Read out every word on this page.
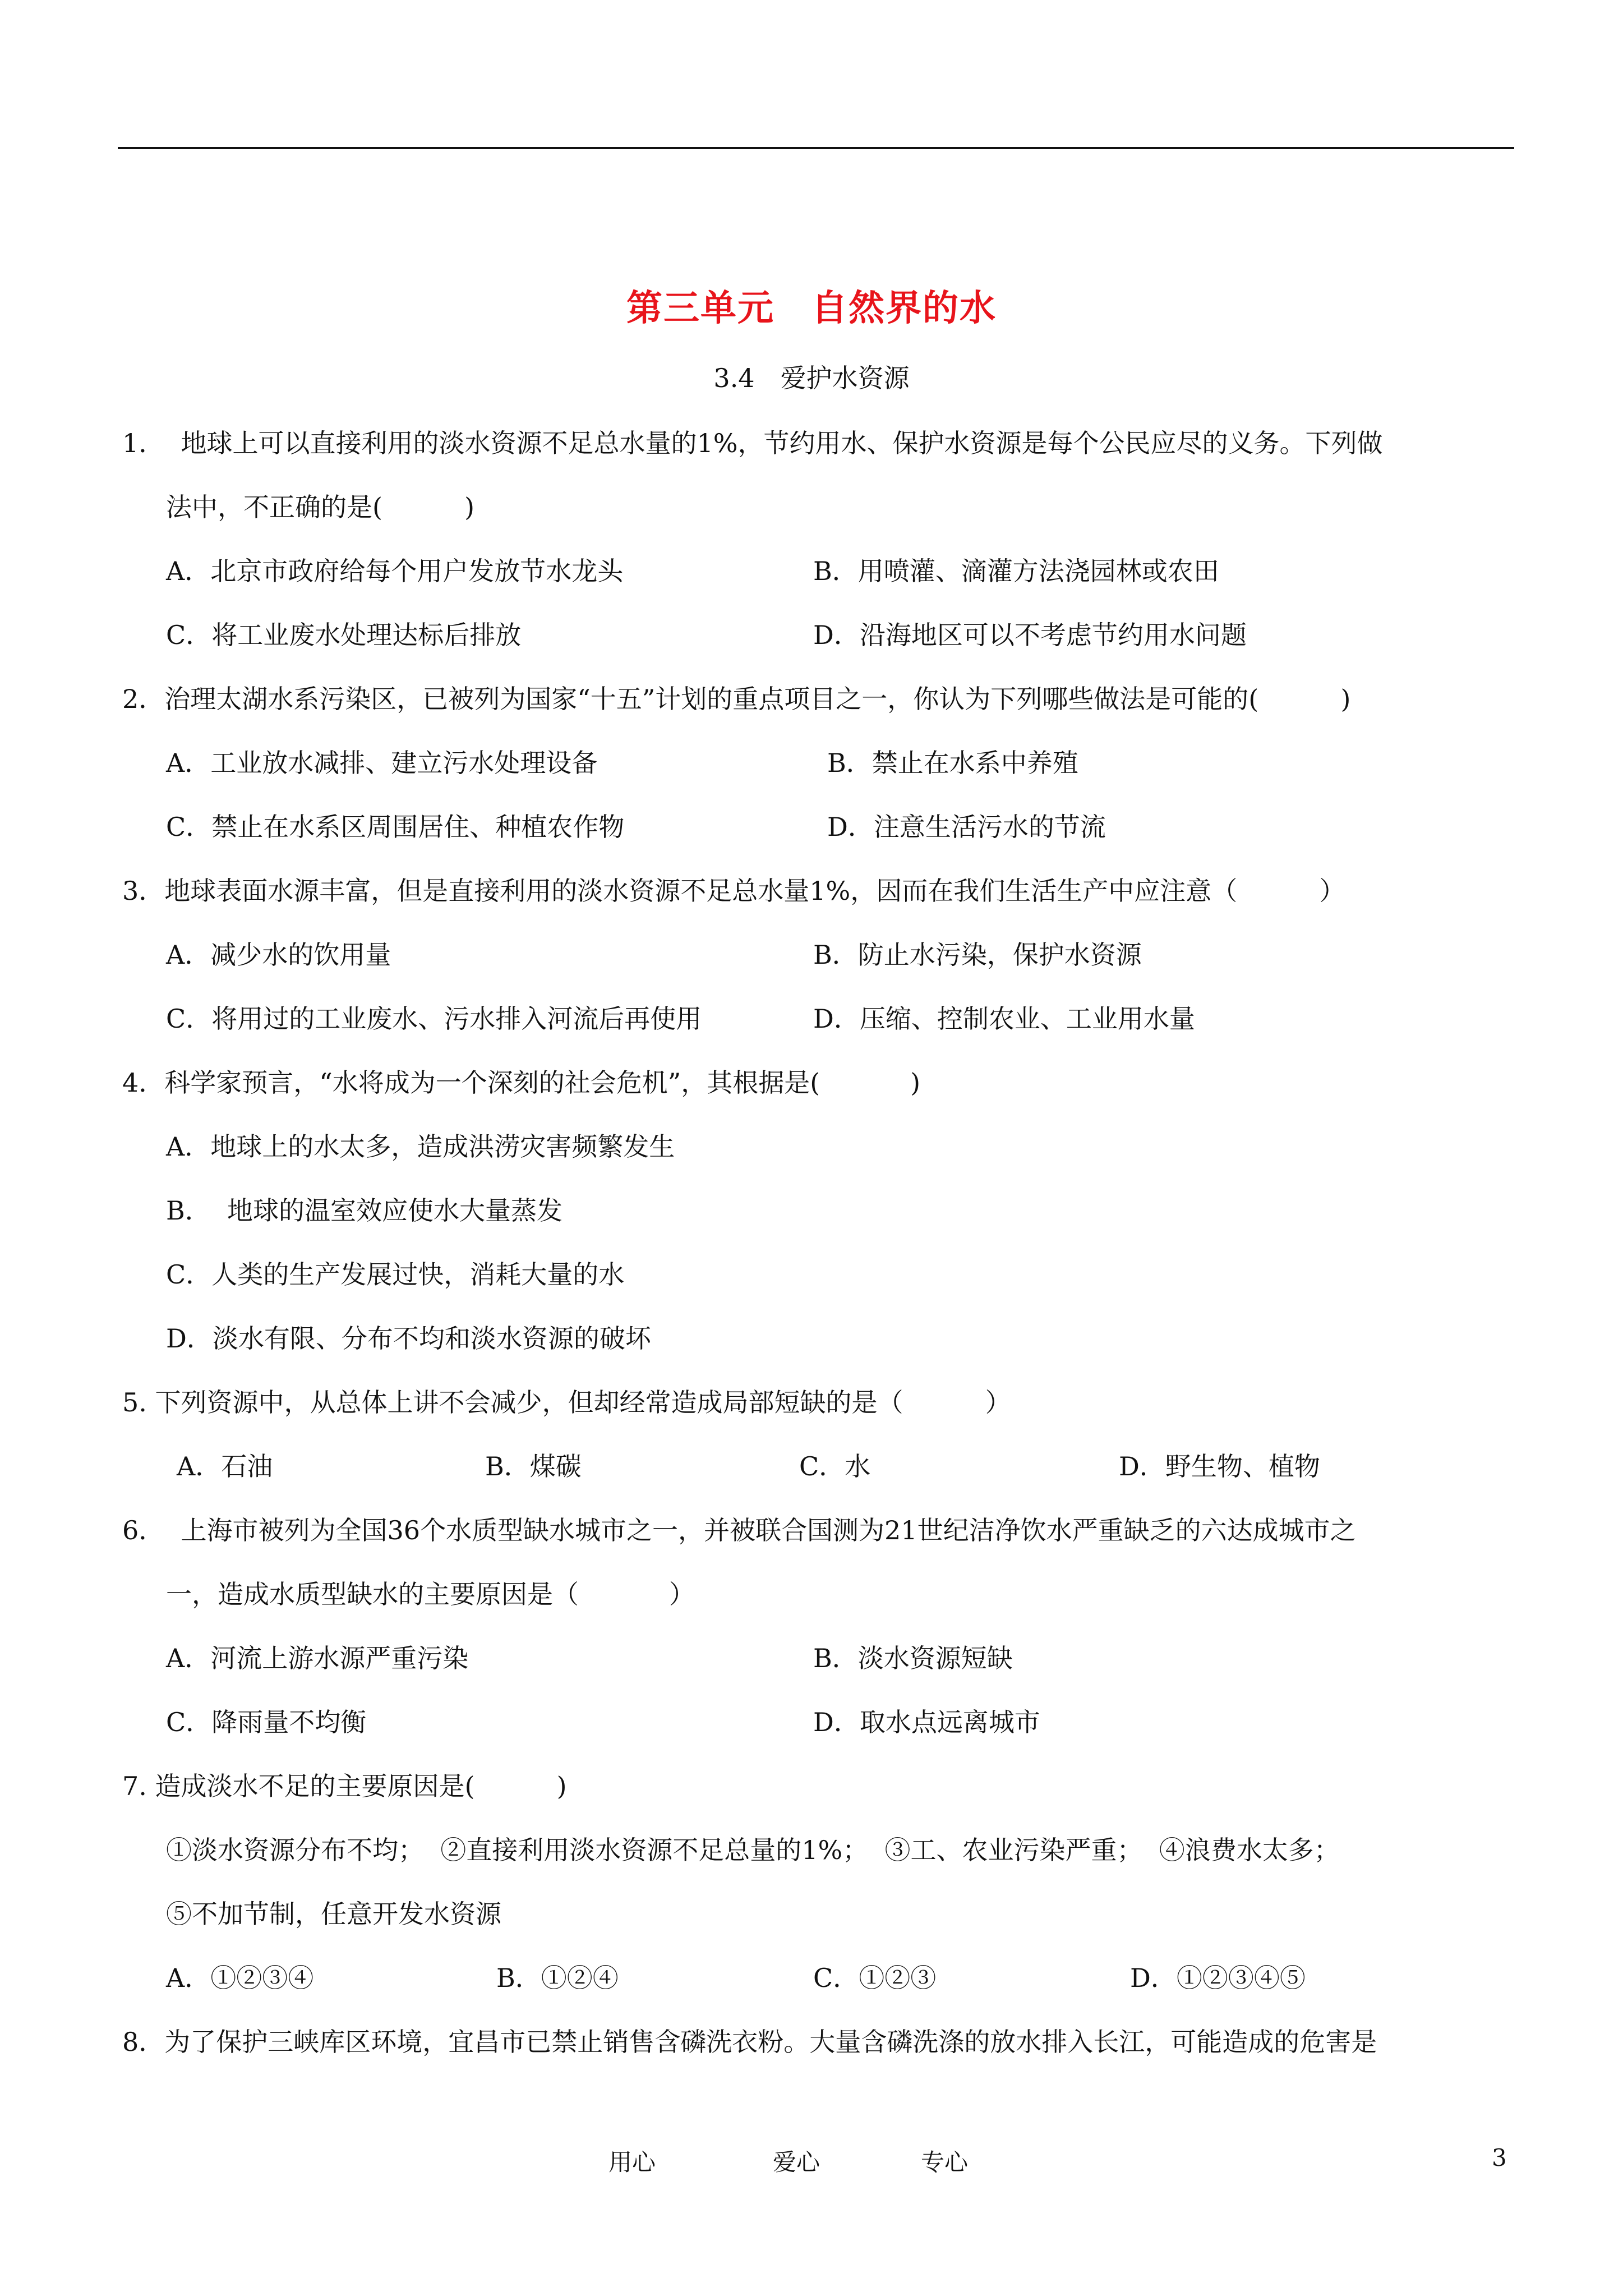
第三单元　自然界的水
3.4　爱护水资源
1．  地球上可以直接利用的淡水资源不足总水量的1%，节约用水、保护水资源是每个公民应尽的义务。下列做
法中，不正确的是(          )
A．北京市政府给每个用户发放节水龙头	B．用喷灌、滴灌方法浇园林或农田
C．将工业废水处理达标后排放	D．沿海地区可以不考虑节约用水问题
2．治理太湖水系污染区，已被列为国家“十五”计划的重点项目之一，你认为下列哪些做法是可能的(          )
A．工业放水减排、建立污水处理设备	B．禁止在水系中养殖
C．禁止在水系区周围居住、种植农作物	D．注意生活污水的节流
3．地球表面水源丰富，但是直接利用的淡水资源不足总水量1%，因而在我们生活生产中应注意（          ）
A．减少水的饮用量	B．防止水污染，保护水资源
C．将用过的工业废水、污水排入河流后再使用	D．压缩、控制农业、工业用水量
4．科学家预言，“水将成为一个深刻的社会危机”，其根据是(           )
A．地球上的水太多，造成洪涝灾害频繁发生
B．  地球的温室效应使水大量蒸发
C．人类的生产发展过快，消耗大量的水
D．淡水有限、分布不均和淡水资源的破坏
5. 下列资源中，从总体上讲不会减少，但却经常造成局部短缺的是（          ）
A．石油	B．煤碳	C．水	D．野生物、植物
6．  上海市被列为全国36个水质型缺水城市之一，并被联合国测为21世纪洁净饮水严重缺乏的六达成城市之
一，造成水质型缺水的主要原因是（           ）
A．河流上游水源严重污染	B．淡水资源短缺
C．降雨量不均衡	D．取水点远离城市
7. 造成淡水不足的主要原因是(          )
①淡水资源分布不均；  ②直接利用淡水资源不足总量的1%；  ③工、农业污染严重；  ④浪费水太多；
⑤不加节制，任意开发水资源
A．①②③④	B．①②④	C．①②③	D．①②③④⑤
8．为了保护三峡库区环境，宜昌市已禁止销售含磷洗衣粉。大量含磷洗涤的放水排入长江，可能造成的危害是
用心	爱心	专心	3
